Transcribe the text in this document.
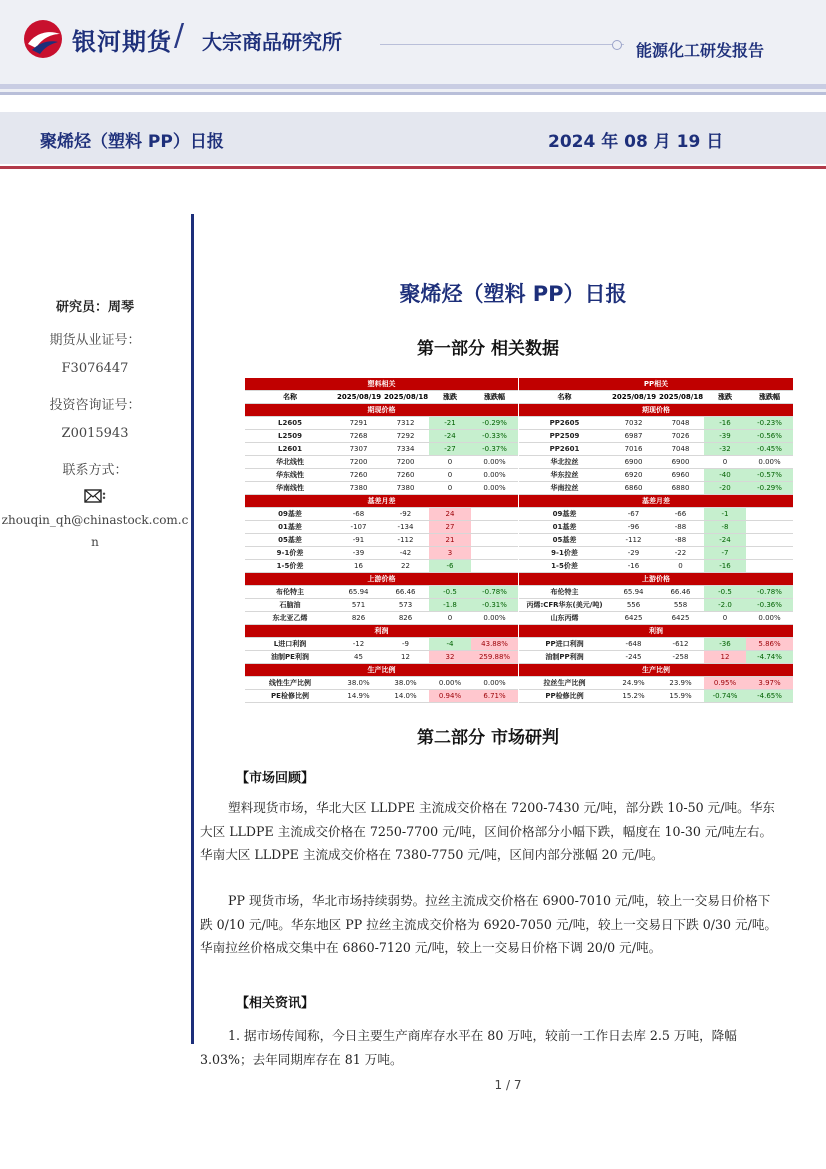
银河期货 / 大宗商品研究所	能源化工研发报告
聚烯烃（塑料 PP）日报	2024 年 08 月 19 日
研究员：周琴
期货从业证号：
F3076447
投资咨询证号：
Z0015943
联系方式：
:
zhouqin_qh@chinastock.com.c
n
聚烯烃（塑料 PP）日报
第一部分 相关数据
塑料相关				
名称	2025/08/19	2025/08/18	涨跌	涨跌幅
期现价格				
L2605	7291	7312	-21	-0.29%
L2509	7268	7292	-24	-0.33%
L2601	7307	7334	-27	-0.37%
华北线性	7200	7200	0	0.00%
华东线性	7260	7260	0	0.00%
华南线性	7380	7380	0	0.00%
基差月差				
09基差	-68	-92	24	
01基差	-107	-134	27	
05基差	-91	-112	21	
9-1价差	-39	-42	3	
1-5价差	16	22	-6	
上游价格				
布伦特主	65.94	66.46	-0.5	-0.78%
石脑油	571	573	-1.8	-0.31%
东北亚乙烯	826	826	0	0.00%
利润				
L进口利润	-12	-9	-4	43.88%
油制PE利润	45	12	32	259.88%
生产比例				
线性生产比例	38.0%	38.0%	0.00%	0.00%
PE检修比例	14.9%	14.0%	0.94%	6.71%
PP相关				
名称	2025/08/19	2025/08/18	涨跌	涨跌幅
期现价格				
PP2605	7032	7048	-16	-0.23%
PP2509	6987	7026	-39	-0.56%
PP2601	7016	7048	-32	-0.45%
华北拉丝	6900	6900	0	0.00%
华东拉丝	6920	6960	-40	-0.57%
华南拉丝	6860	6880	-20	-0.29%
基差月差				
09基差	-67	-66	-1	
01基差	-96	-88	-8	
05基差	-112	-88	-24	
9-1价差	-29	-22	-7	
1-5价差	-16	0	-16	
上游价格				
布伦特主	65.94	66.46	-0.5	-0.78%
丙烯:CFR华东(美元/吨)	556	558	-2.0	-0.36%
山东丙烯	6425	6425	0	0.00%
利润				
PP进口利润	-648	-612	-36	5.86%
油制PP利润	-245	-258	12	-4.74%
生产比例				
拉丝生产比例	24.9%	23.9%	0.95%	3.97%
PP检修比例	15.2%	15.9%	-0.74%	-4.65%
第二部分 市场研判
【市场回顾】
塑料现货市场，华北大区 LLDPE 主流成交价格在 7200-7430 元/吨，部分跌 10-50 元/吨。华东大区 LLDPE 主流成交价格在 7250-7700 元/吨，区间价格部分小幅下跌，幅度在 10-30 元/吨左右。华南大区 LLDPE 主流成交价格在 7380-7750 元/吨，区间内部分涨幅 20 元/吨。
PP 现货市场，华北市场持续弱势。拉丝主流成交价格在 6900-7010 元/吨，较上一交易日价格下跌 0/10 元/吨。华东地区 PP 拉丝主流成交价格为 6920-7050 元/吨，较上一交易日下跌 0/30 元/吨。华南拉丝价格成交集中在 6860-7120 元/吨，较上一交易日价格下调 20/0 元/吨。
【相关资讯】
1. 据市场传闻称，今日主要生产商库存水平在 80 万吨，较前一工作日去库 2.5 万吨，降幅 3.03%；去年同期库存在 81 万吨。
1 / 7
